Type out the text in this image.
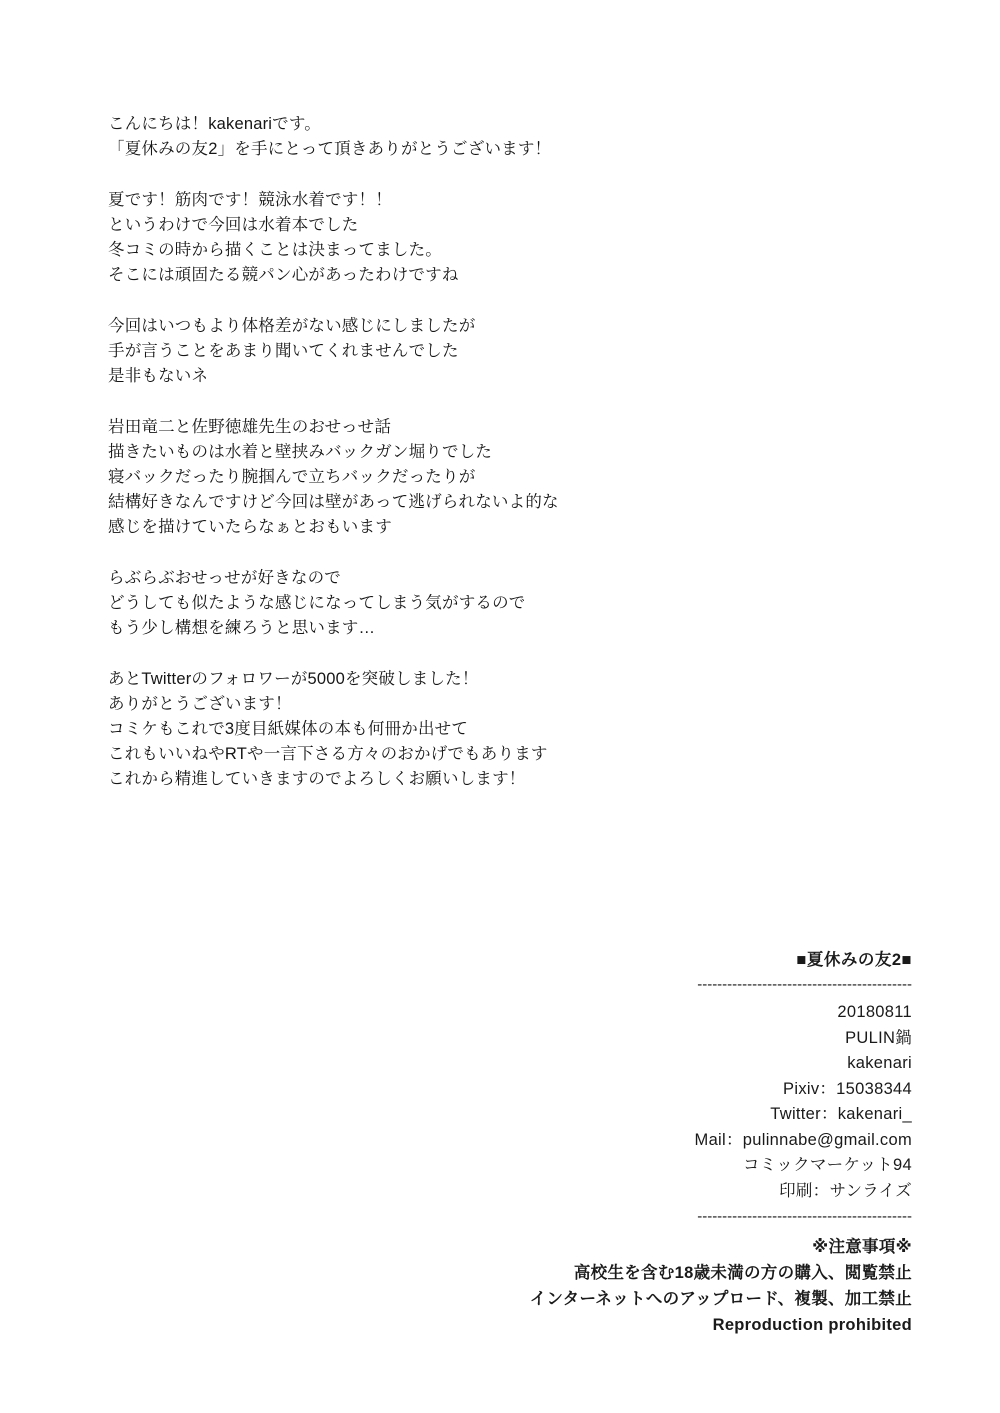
こんにちは！kakenariです。
「夏休みの友2」を手にとって頂きありがとうございます！
夏です！筋肉です！競泳水着です！！
というわけで今回は水着本でした
冬コミの時から描くことは決まってました。
そこには頑固たる競パン心があったわけですね
今回はいつもより体格差がない感じにしましたが
手が言うことをあまり聞いてくれませんでした
是非もないネ
岩田竜二と佐野徳雄先生のおせっせ話
描きたいものは水着と壁挟みバックガン堀りでした
寝バックだったり腕掴んで立ちバックだったりが
結構好きなんですけど今回は壁があって逃げられないよ的な
感じを描けていたらなぁとおもいます
らぶらぶおせっせが好きなので
どうしても似たような感じになってしまう気がするので
もう少し構想を練ろうと思います…
あとTwitterのフォロワーが5000を突破しました！
ありがとうございます！
コミケもこれで3度目紙媒体の本も何冊か出せて
これもいいねやRTや一言下さる方々のおかげでもあります
これから精進していきますのでよろしくお願いします！
■夏休みの友2■
-------------------------------------------
20180811
PULIN鍋
kakenari
Pixiv：15038344
Twitter：kakenari_
Mail：pulinnabe@gmail.com
コミックマーケット94
印刷：サンライズ
-------------------------------------------
※注意事項※
高校生を含む18歳未満の方の購入、閲覧禁止
インターネットへのアップロード、複製、加工禁止
Reproduction prohibited
